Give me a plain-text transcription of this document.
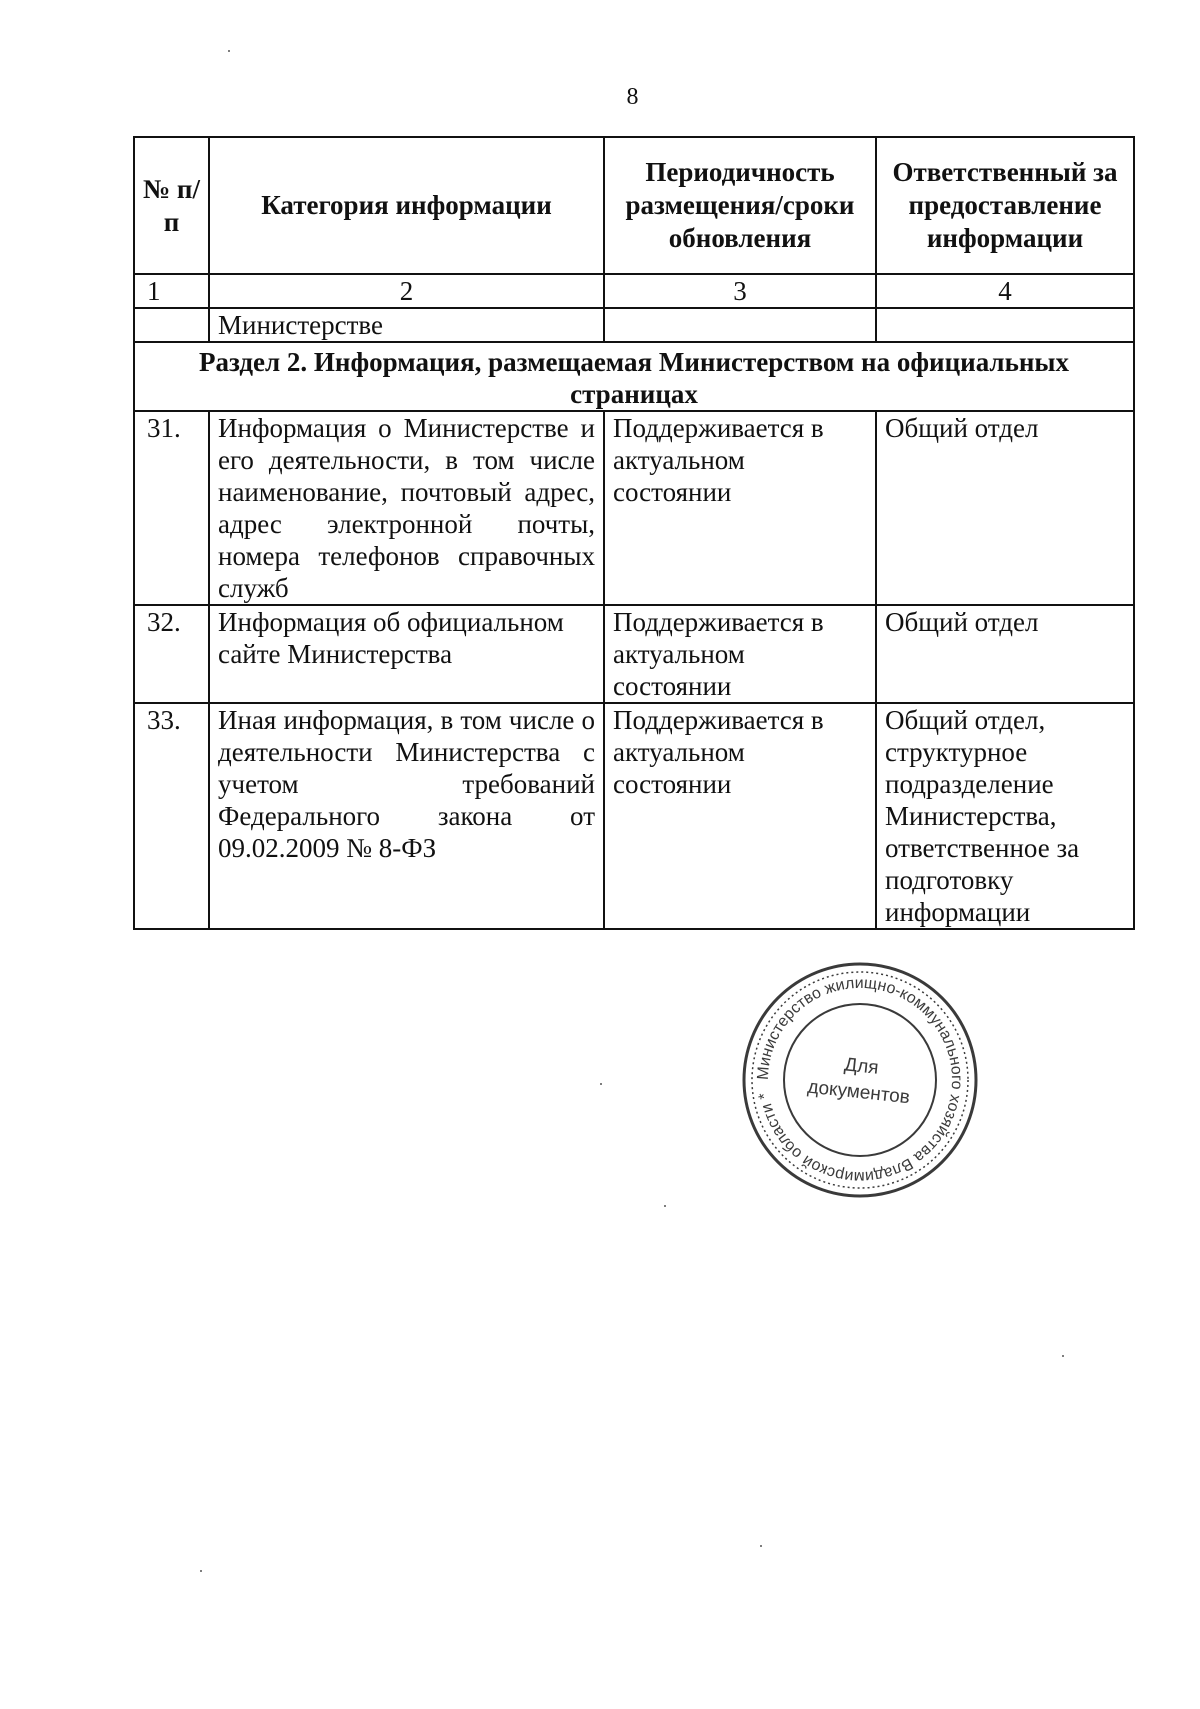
8
№ п/п	Категория информации	Периодичность размещения/сроки обновления	Ответственный за предоставление информации
1	2	3	4
	Министерстве		
Раздел 2. Информация, размещаемая Министерством на официальных страницах			
31.	Информация о Министерстве и его деятельности, в том числе наименование, почтовый адрес, адрес электронной почты, номера телефонов справочных служб	Поддерживается в актуальном состоянии	Общий отдел
32.	Информация об официальном сайте Министерства	Поддерживается в актуальном состоянии	Общий отдел
33.	Иная информация, в том числе о деятельности Министерства с учетом требований Федерального закона от 09.02.2009 № 8-ФЗ	Поддерживается в актуальном состоянии	Общий отдел, структурное подразделение Министерства, ответственное за подготовку информации
Министерство жилищно-коммунального хозяйства Владимирской области *
Для
документов
